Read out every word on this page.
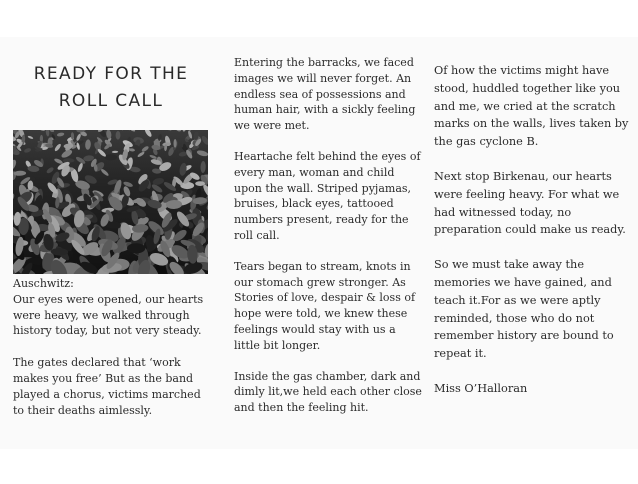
READY FOR THE
ROLL CALL

Auschwitz:

Our eyes were opened, our hearts were heavy, we walked through history today, but not very steady.

The gates declared that ‘work makes you free’ But as the band played a chorus, victims marched to their deaths aimlessly.

Entering the barracks, we faced images we will never forget. An endless sea of possessions and human hair, with a sickly feeling we were met.

Heartache felt behind the eyes of every man, woman and child upon the wall. Striped pyjamas, bruises, black eyes, tattooed numbers present, ready for the roll call.

Tears began to stream, knots in our stomach grew stronger. As Stories of love, despair & loss of hope were told, we knew these feelings would stay with us a little bit longer.

Inside the gas chamber, dark and dimly lit,we held each other close and then the feeling hit.

Of how the victims might have stood, huddled together like you and me, we cried at the scratch marks on the walls, lives taken by the gas cyclone B.

Next stop Birkenau, our hearts were feeling heavy. For what we had witnessed today, no preparation could make us ready.

So we must take away the memories we have gained, and teach it.For as we were aptly reminded, those who do not remember history are bound to repeat it.

Miss O’Halloran
